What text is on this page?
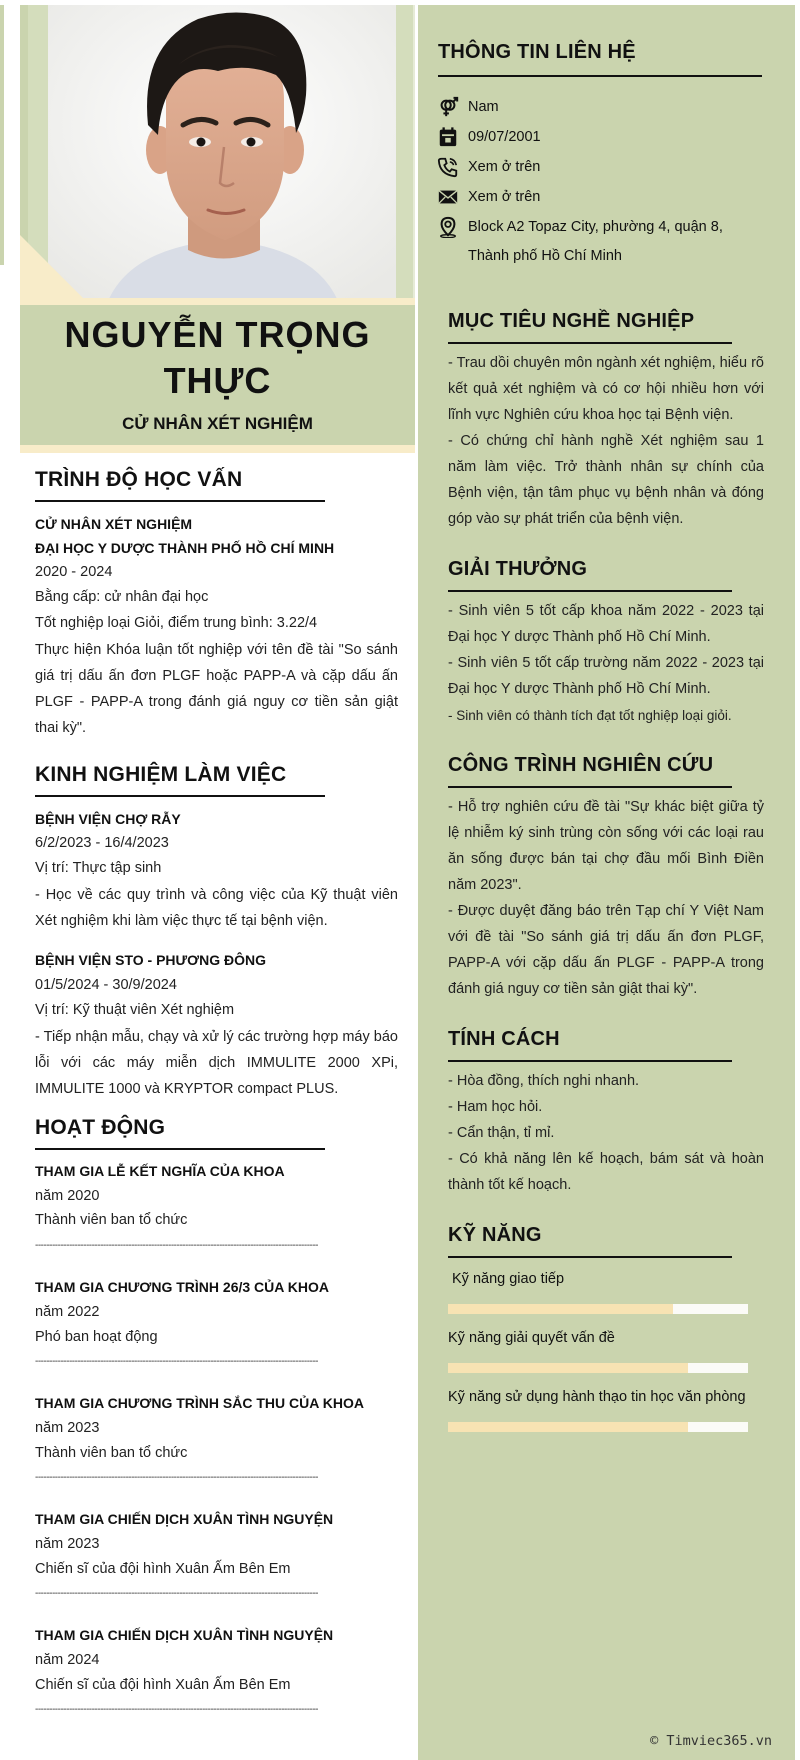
NGUYỄN TRỌNG THỰC
CỬ NHÂN XÉT NGHIỆM
TRÌNH ĐỘ HỌC VẤN
CỬ NHÂN XÉT NGHIỆM
ĐẠI HỌC Y DƯỢC THÀNH PHỐ HỒ CHÍ MINH
2020 - 2024
Bằng cấp: cử nhân đại học
Tốt nghiệp loại Giỏi, điểm trung bình: 3.22/4
Thực hiện Khóa luận tốt nghiệp với tên đề tài "So sánh giá trị dấu ấn đơn PLGF hoặc PAPP-A và cặp dấu ấn PLGF - PAPP-A trong đánh giá nguy cơ tiền sản giật thai kỳ".
KINH NGHIỆM LÀM VIỆC
BỆNH VIỆN CHỢ RẪY
6/2/2023 - 16/4/2023
Vị trí: Thực tập sinh
- Học về các quy trình và công việc của Kỹ thuật viên Xét nghiệm khi làm việc thực tế tại bệnh viện.
BỆNH VIỆN STO - PHƯƠNG ĐÔNG
01/5/2024 - 30/9/2024
Vị trí: Kỹ thuật viên Xét nghiệm
- Tiếp nhận mẫu, chạy và xử lý các trường hợp máy báo lỗi với các máy miễn dịch IMMULITE 2000 XPi, IMMULITE 1000 và KRYPTOR compact PLUS.
HOẠT ĐỘNG
THAM GIA LỄ KẾT NGHĨA CỦA KHOA
năm 2020
Thành viên ban tổ chức
----------------------------------------------------------------------------------------------------
THAM GIA CHƯƠNG TRÌNH 26/3 CỦA KHOA
năm 2022
Phó ban hoạt động
----------------------------------------------------------------------------------------------------
THAM GIA CHƯƠNG TRÌNH SẮC THU CỦA KHOA
năm 2023
Thành viên ban tổ chức
----------------------------------------------------------------------------------------------------
THAM GIA CHIẾN DỊCH XUÂN TÌNH NGUYỆN
năm 2023
Chiến sĩ của đội hình Xuân Ấm Bên Em
----------------------------------------------------------------------------------------------------
THAM GIA CHIẾN DỊCH XUÂN TÌNH NGUYỆN
năm 2024
Chiến sĩ của đội hình Xuân Ấm Bên Em
----------------------------------------------------------------------------------------------------
THÔNG TIN LIÊN HỆ
Nam
09/07/2001
Xem ở trên
Xem ở trên
Block A2 Topaz City, phường 4, quận 8,
Thành phố Hồ Chí Minh
MỤC TIÊU NGHỀ NGHIỆP
- Trau dồi chuyên môn ngành xét nghiệm, hiểu rõ kết quả xét nghiệm và có cơ hội nhiều hơn với lĩnh vực Nghiên cứu khoa học tại Bệnh viện.
- Có chứng chỉ hành nghề Xét nghiệm sau 1 năm làm việc. Trở thành nhân sự chính của Bệnh viện, tận tâm phục vụ bệnh nhân và đóng góp vào sự phát triển của bệnh viện.
GIẢI THƯỞNG
- Sinh viên 5 tốt cấp khoa năm 2022 - 2023 tại Đại học Y dược Thành phố Hồ Chí Minh.
- Sinh viên 5 tốt cấp trường năm 2022 - 2023 tại Đại học Y dược Thành phố Hồ Chí Minh.
- Sinh viên có thành tích đạt tốt nghiệp loại giỏi.
CÔNG TRÌNH NGHIÊN CỨU
- Hỗ trợ nghiên cứu đề tài "Sự khác biệt giữa tỷ lệ nhiễm ký sinh trùng còn sống với các loại rau ăn sống được bán tại chợ đầu mối Bình Điền năm 2023".
- Được duyệt đăng báo trên Tạp chí Y Việt Nam với đề tài "So sánh giá trị dấu ấn đơn PLGF, PAPP-A với cặp dấu ấn PLGF - PAPP-A trong đánh giá nguy cơ tiền sản giật thai kỳ".
TÍNH CÁCH
- Hòa đồng, thích nghi nhanh.
- Ham học hỏi.
- Cẩn thận, tỉ mỉ.
- Có khả năng lên kế hoạch, bám sát và hoàn thành tốt kế hoạch.
KỸ NĂNG
Kỹ năng giao tiếp
Kỹ năng giải quyết vấn đề
Kỹ năng sử dụng hành thạo tin học văn phòng
© Timviec365.vn
